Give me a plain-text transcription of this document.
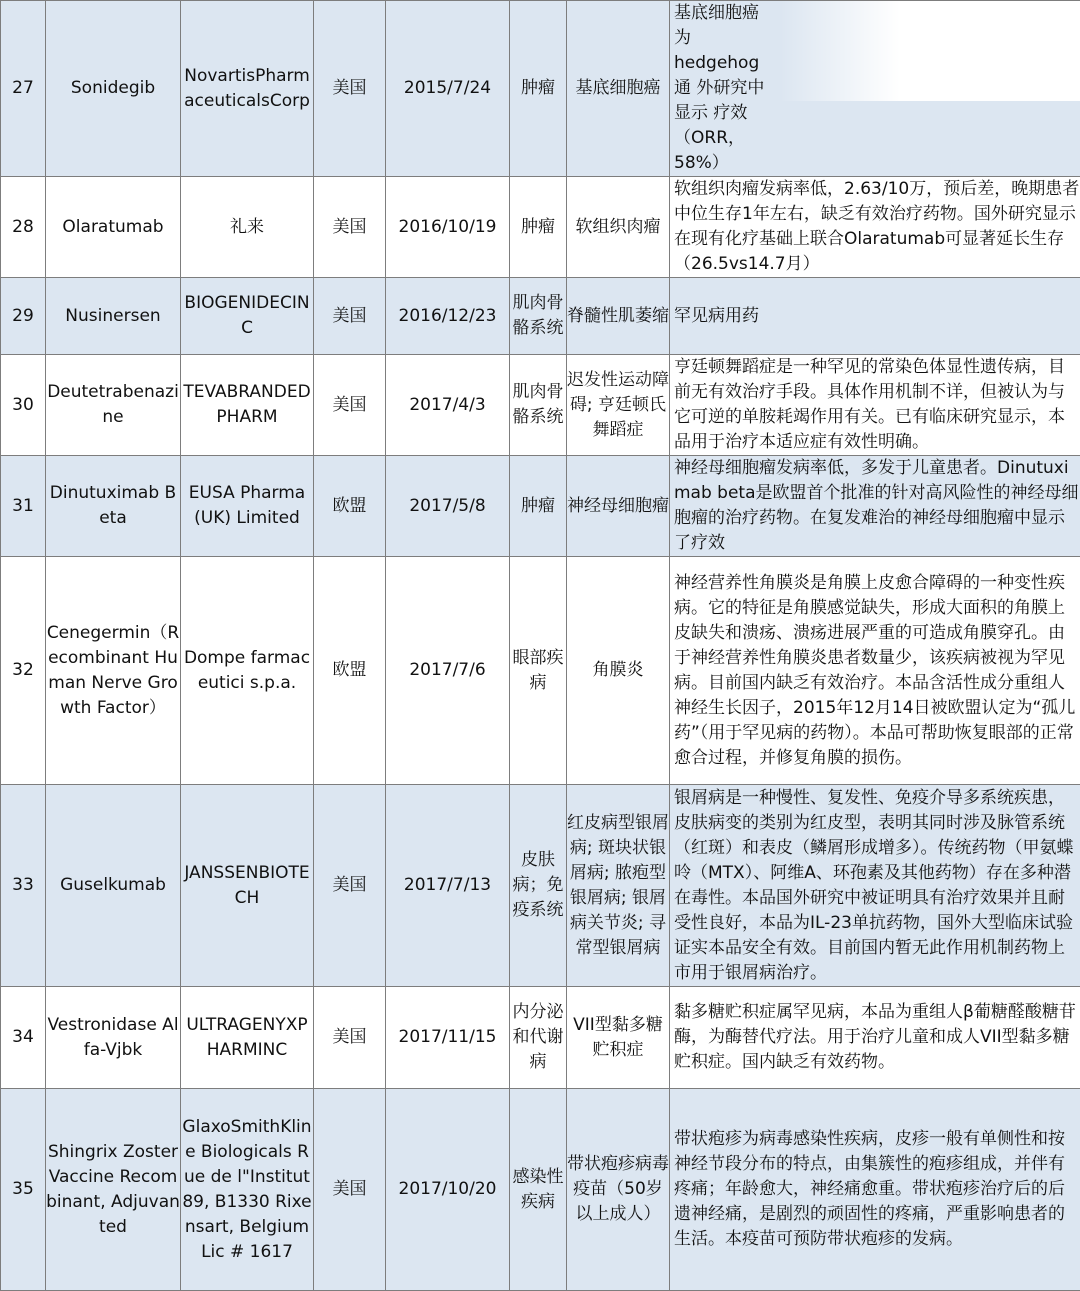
27	Sonidegib	NovartisPharmaceuticalsCorp	美国	2015/7/24	肿瘤	基底细胞癌	基底细胞癌为 hedgehog通 外研究中显示 疗效（ORR，58%）

28	Olaratumab	礼来	美国	2016/10/19	肿瘤	软组织肉瘤	软组织肉瘤发病率低，2.63/10万，预后差，晚期患者中位生存1年左右，缺乏有效治疗药物。国外研究显示在现有化疗基础上联合Olaratumab可显著延长生存（26.5vs14.7月）
29	Nusinersen	BIOGENIDECINC	美国	2016/12/23	肌肉骨骼系统	脊髓性肌萎缩	罕见病用药
30	Deutetrabenazine	TEVABRANDEDPHARM	美国	2017/4/3	肌肉骨骼系统	迟发性运动障碍; 亨廷顿氏舞蹈症	亨廷顿舞蹈症是一种罕见的常染色体显性遗传病，目前无有效治疗手段。具体作用机制不详，但被认为与它可逆的单胺耗竭作用有关。已有临床研究显示，本品用于治疗本适应症有效性明确。
31	Dinutuximab Beta	EUSA Pharma (UK) Limited	欧盟	2017/5/8	肿瘤	神经母细胞瘤	神经母细胞瘤发病率低，多发于儿童患者。Dinutuximab beta是欧盟首个批准的针对高风险性的神经母细胞瘤的治疗药物。在复发难治的神经母细胞瘤中显示了疗效
32	Cenegermin（Recombinant Human Nerve Growth Factor）	Dompe farmaceutici s.p.a.	欧盟	2017/7/6	眼部疾病	角膜炎	神经营养性角膜炎是角膜上皮愈合障碍的一种变性疾病。它的特征是角膜感觉缺失，形成大面积的角膜上皮缺失和溃疡、溃疡进展严重的可造成角膜穿孔。由于神经营养性角膜炎患者数量少，该疾病被视为罕见病。目前国内缺乏有效治疗。本品含活性成分重组人神经生长因子，2015年12月14日被欧盟认定为“孤儿药”（用于罕见病的药物）。本品可帮助恢复眼部的正常愈合过程，并修复角膜的损伤。
33	Guselkumab	JANSSENBIOTECH	美国	2017/7/13	皮肤病；免疫系统	红皮病型银屑病; 斑块状银屑病; 脓疱型银屑病; 银屑病关节炎; 寻常型银屑病	银屑病是一种慢性、复发性、免疫介导多系统疾患，皮肤病变的类别为红皮型，表明其同时涉及脉管系统（红斑）和表皮（鳞屑形成增多）。传统药物（甲氨蝶呤（MTX）、阿维A、环孢素及其他药物）存在多种潜在毒性。本品国外研究中被证明具有治疗效果并且耐受性良好，本品为IL-23单抗药物，国外大型临床试验证实本品安全有效。目前国内暂无此作用机制药物上市用于银屑病治疗。
34	Vestronidase Alfa-Vjbk	ULTRAGENYXPHARMINC	美国	2017/11/15	内分泌和代谢病	VII型黏多糖贮积症	黏多糖贮积症属罕见病，本品为重组人β葡糖醛酸糖苷酶，为酶替代疗法。用于治疗儿童和成人VII型黏多糖贮积症。国内缺乏有效药物。
35	Shingrix Zoster Vaccine Recombinant, Adjuvanted	GlaxoSmithKline Biologicals Rue de l"Institut 89, B1330 Rixensart, Belgium Lic # 1617	美国	2017/10/20	感染性疾病	带状疱疹病毒疫苗（50岁以上成人）	带状疱疹为病毒感染性疾病，皮疹一般有单侧性和按神经节段分布的特点，由集簇性的疱疹组成，并伴有疼痛；年龄愈大，神经痛愈重。带状疱疹治疗后的后遗神经痛，是剧烈的顽固性的疼痛，严重影响患者的生活。本疫苗可预防带状疱疹的发病。
